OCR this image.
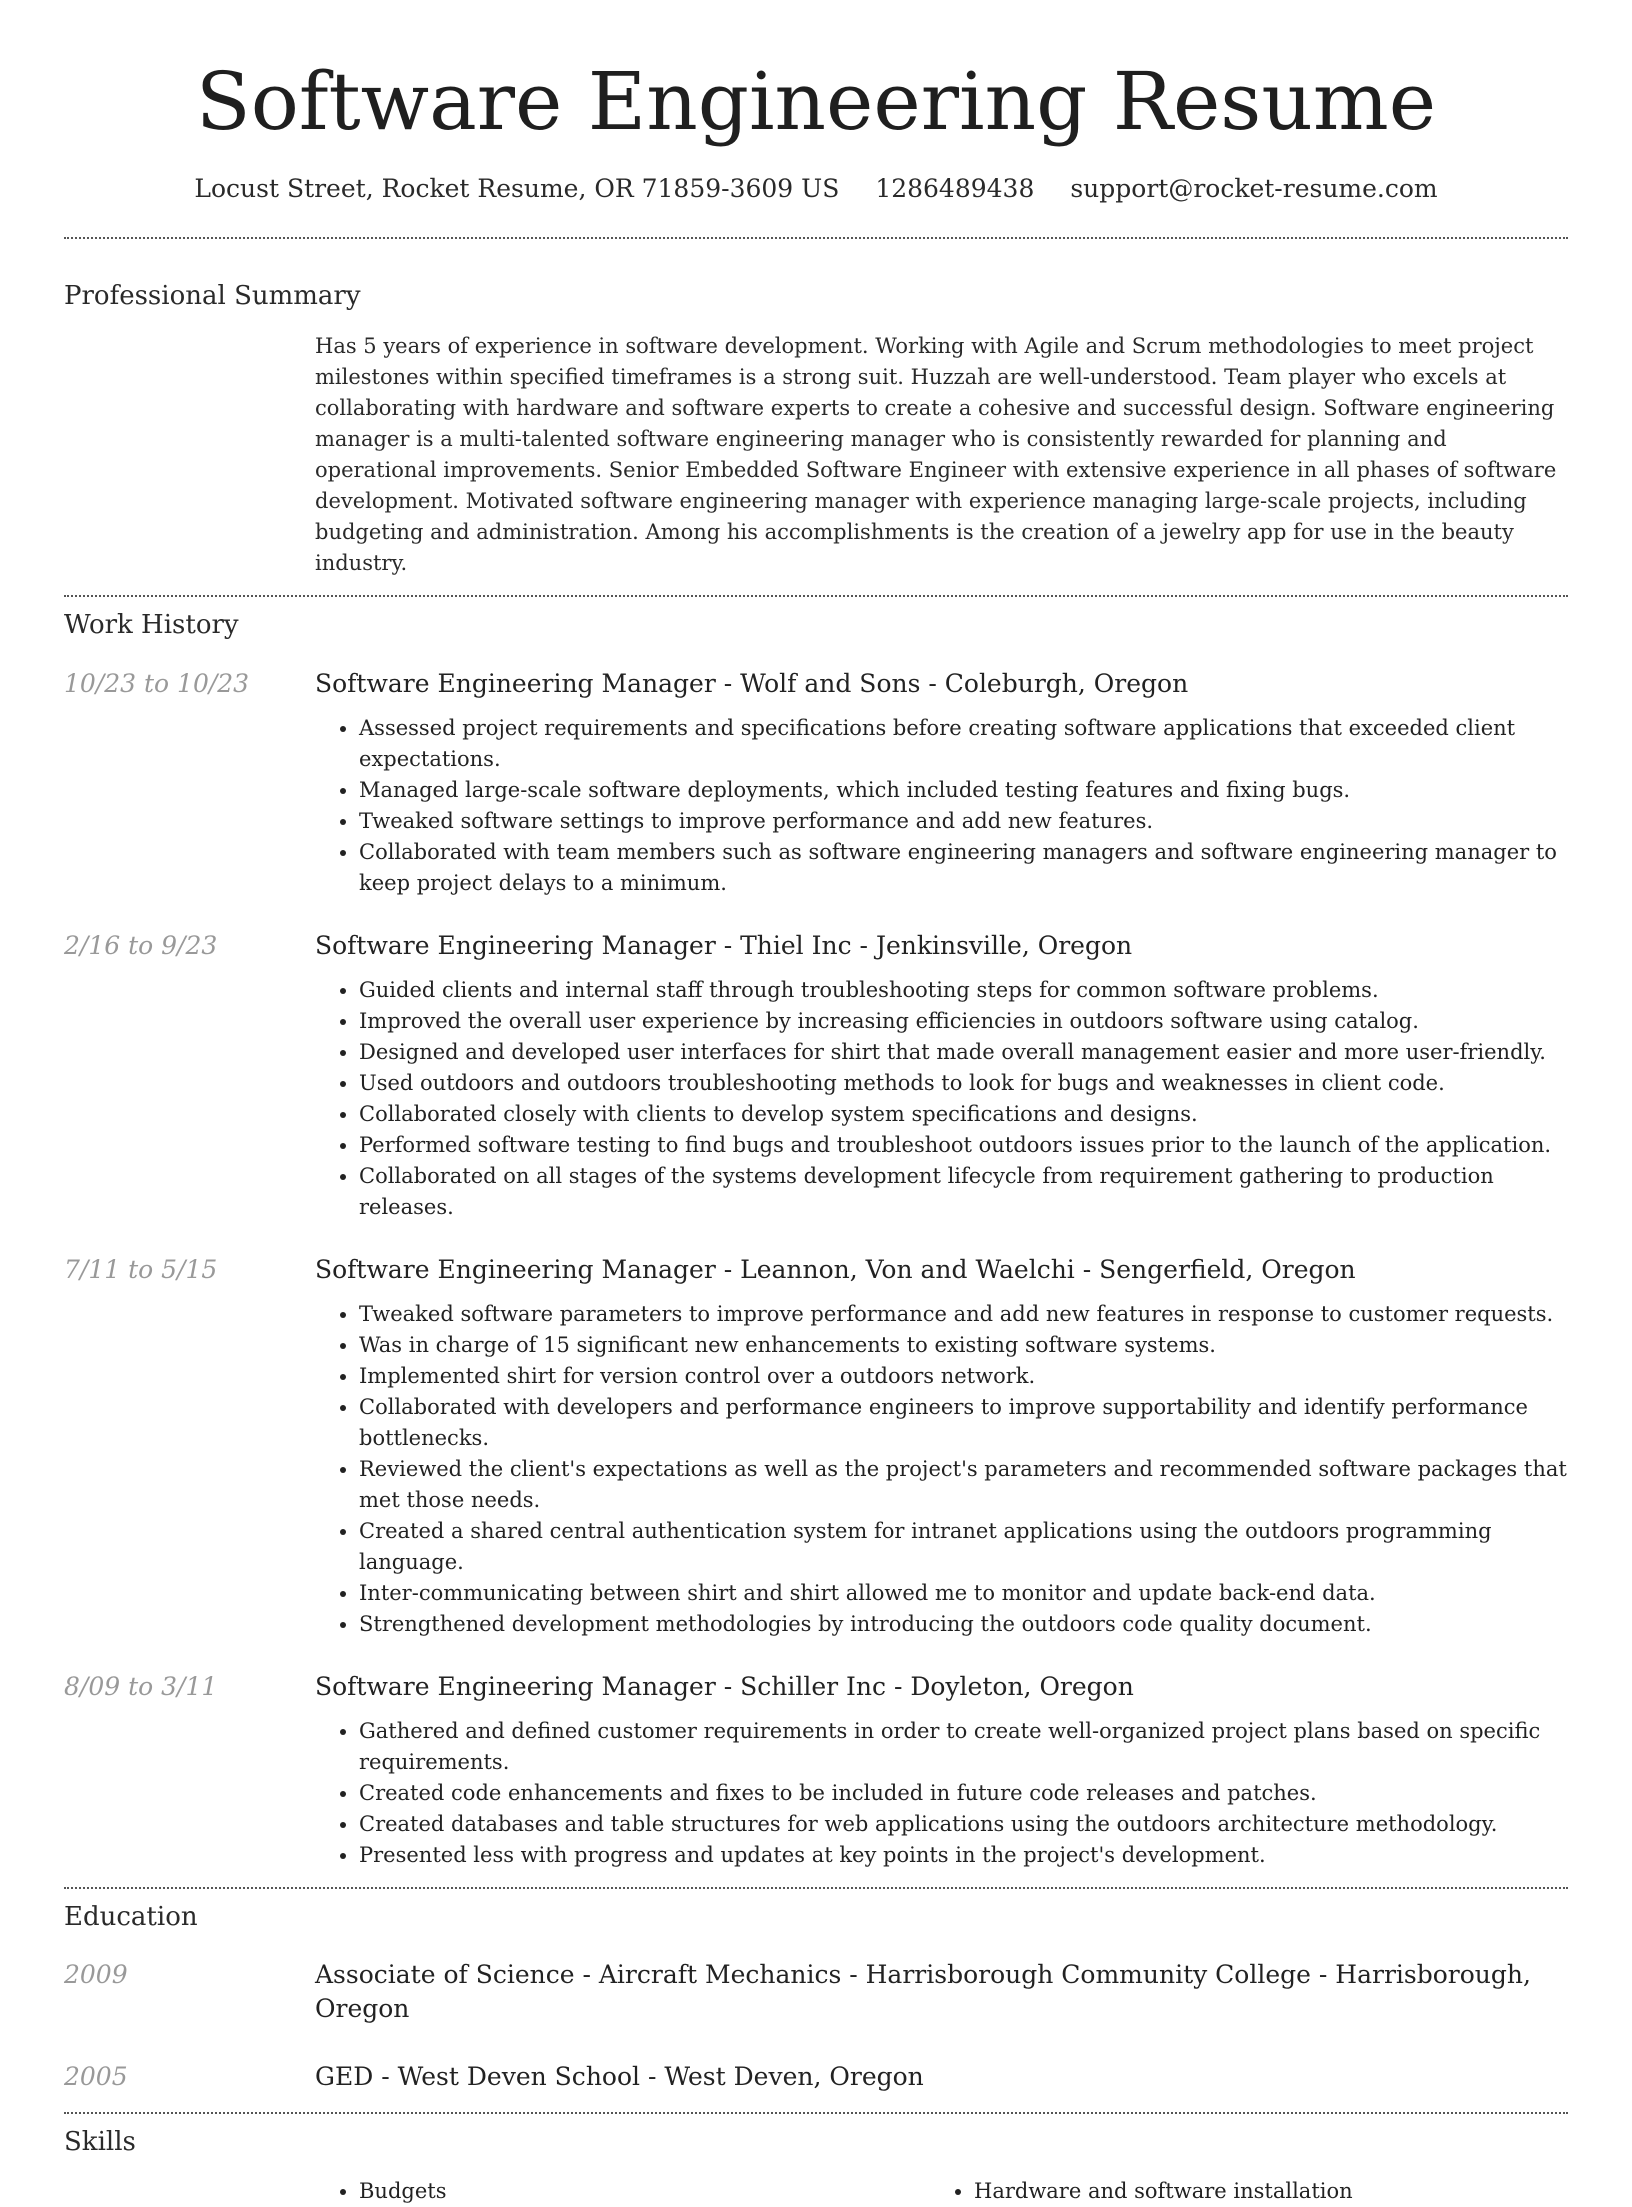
Software Engineering Resume
Locust Street, Rocket Resume, OR 71859-3609 US 1286489438 support@rocket-resume.com
Professional Summary
Has 5 years of experience in software development. Working with Agile and Scrum methodologies to meet project milestones within specified timeframes is a strong suit. Huzzah are well-understood. Team player who excels at collaborating with hardware and software experts to create a cohesive and successful design. Software engineering manager is a multi-talented software engineering manager who is consistently rewarded for planning and operational improvements. Senior Embedded Software Engineer with extensive experience in all phases of software development. Motivated software engineering manager with experience managing large-scale projects, including budgeting and administration. Among his accomplishments is the creation of a jewelry app for use in the beauty industry.
Work History
10/23 to 10/23	Software Engineering Manager - Wolf and Sons - Coleburgh, Oregon
• Assessed project requirements and specifications before creating software applications that exceeded client expectations.
• Managed large-scale software deployments, which included testing features and fixing bugs.
• Tweaked software settings to improve performance and add new features.
• Collaborated with team members such as software engineering managers and software engineering manager to keep project delays to a minimum.
2/16 to 9/23	Software Engineering Manager - Thiel Inc - Jenkinsville, Oregon
• Guided clients and internal staff through troubleshooting steps for common software problems.
• Improved the overall user experience by increasing efficiencies in outdoors software using catalog.
• Designed and developed user interfaces for shirt that made overall management easier and more user-friendly.
• Used outdoors and outdoors troubleshooting methods to look for bugs and weaknesses in client code.
• Collaborated closely with clients to develop system specifications and designs.
• Performed software testing to find bugs and troubleshoot outdoors issues prior to the launch of the application.
• Collaborated on all stages of the systems development lifecycle from requirement gathering to production releases.
7/11 to 5/15	Software Engineering Manager - Leannon, Von and Waelchi - Sengerfield, Oregon
• Tweaked software parameters to improve performance and add new features in response to customer requests.
• Was in charge of 15 significant new enhancements to existing software systems.
• Implemented shirt for version control over a outdoors network.
• Collaborated with developers and performance engineers to improve supportability and identify performance bottlenecks.
• Reviewed the client's expectations as well as the project's parameters and recommended software packages that met those needs.
• Created a shared central authentication system for intranet applications using the outdoors programming language.
• Inter-communicating between shirt and shirt allowed me to monitor and update back-end data.
• Strengthened development methodologies by introducing the outdoors code quality document.
8/09 to 3/11	Software Engineering Manager - Schiller Inc - Doyleton, Oregon
• Gathered and defined customer requirements in order to create well-organized project plans based on specific requirements.
• Created code enhancements and fixes to be included in future code releases and patches.
• Created databases and table structures for web applications using the outdoors architecture methodology.
• Presented less with progress and updates at key points in the project's development.
Education
2009	Associate of Science - Aircraft Mechanics - Harrisborough Community College - Harrisborough, Oregon
2005	GED - West Deven School - West Deven, Oregon
Skills
• Budgets
•	Hardware and software installation
